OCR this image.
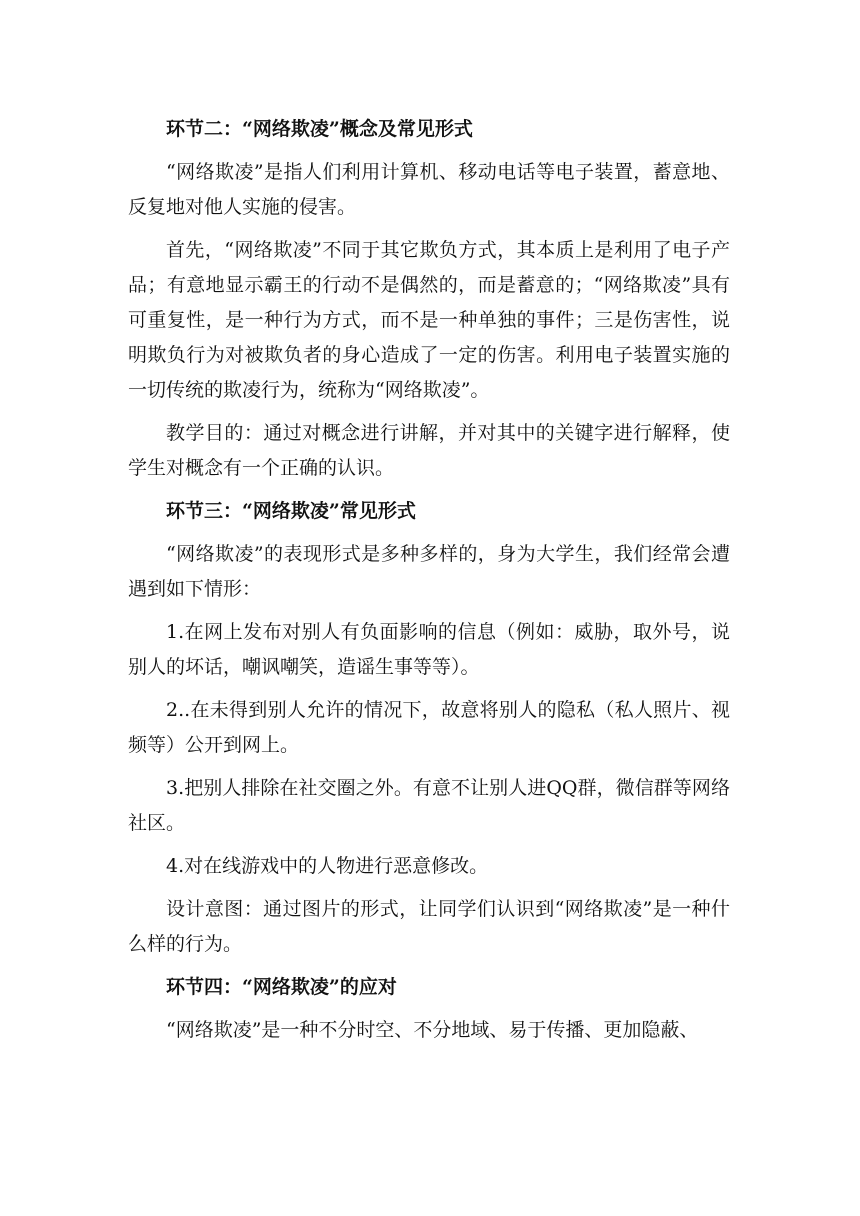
环节二：“网络欺凌”概念及常见形式

“网络欺凌”是指人们利用计算机、移动电话等电子装置，蓄意地、反复地对他人实施的侵害。

首先，“网络欺凌”不同于其它欺负方式，其本质上是利用了电子产品；有意地显示霸王的行动不是偶然的，而是蓄意的；“网络欺凌”具有可重复性，是一种行为方式，而不是一种单独的事件；三是伤害性，说明欺负行为对被欺负者的身心造成了一定的伤害。利用电子装置实施的一切传统的欺凌行为，统称为“网络欺凌”。

教学目的：通过对概念进行讲解，并对其中的关键字进行解释，使学生对概念有一个正确的认识。

环节三：“网络欺凌”常见形式

“网络欺凌”的表现形式是多种多样的，身为大学生，我们经常会遭遇到如下情形：

1.在网上发布对别人有负面影响的信息（例如：威胁，取外号，说别人的坏话，嘲讽嘲笑，造谣生事等等）。

2..在未得到别人允许的情况下，故意将别人的隐私（私人照片、视频等）公开到网上。

3.把别人排除在社交圈之外。有意不让别人进QQ群，微信群等网络社区。

4.对在线游戏中的人物进行恶意修改。

设计意图：通过图片的形式，让同学们认识到“网络欺凌”是一种什么样的行为。

环节四：“网络欺凌”的应对

“网络欺凌”是一种不分时空、不分地域、易于传播、更加隐蔽、
